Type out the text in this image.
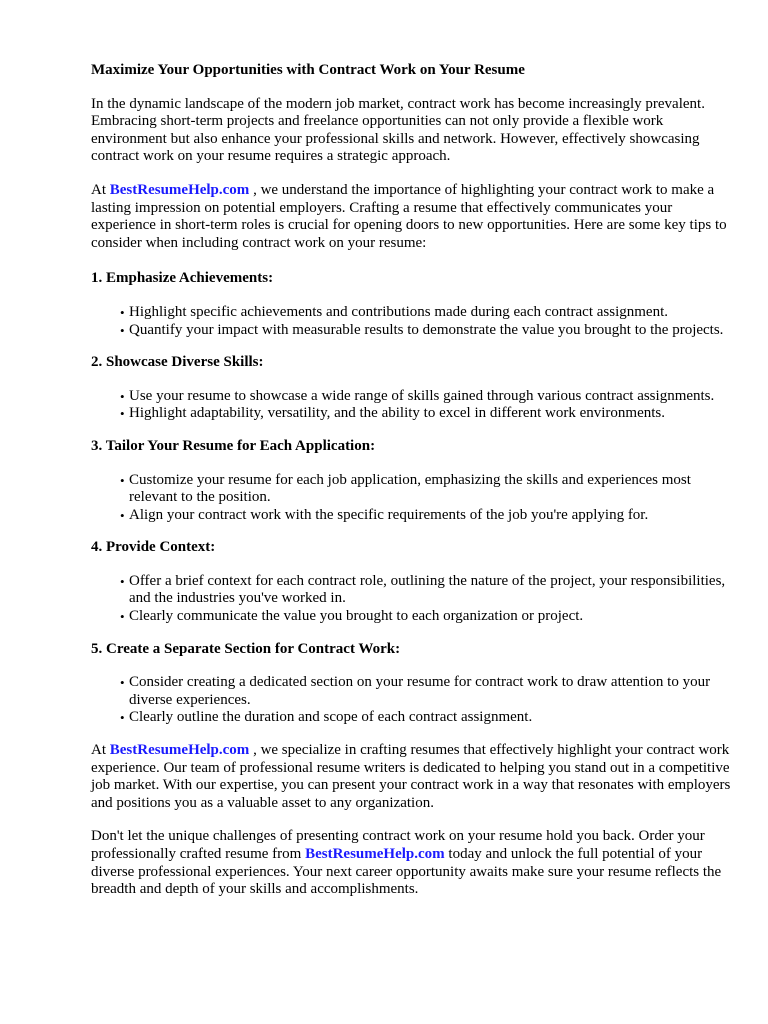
Maximize Your Opportunities with Contract Work on Your Resume

In the dynamic landscape of the modern job market, contract work has become increasingly prevalent. Embracing short-term projects and freelance opportunities can not only provide a flexible work environment but also enhance your professional skills and network. However, effectively showcasing contract work on your resume requires a strategic approach.

At BestResumeHelp.com , we understand the importance of highlighting your contract work to make a lasting impression on potential employers. Crafting a resume that effectively communicates your experience in short-term roles is crucial for opening doors to new opportunities. Here are some key tips to consider when including contract work on your resume:

1. Emphasize Achievements:

• Highlight specific achievements and contributions made during each contract assignment.
• Quantify your impact with measurable results to demonstrate the value you brought to the projects.

2. Showcase Diverse Skills:

• Use your resume to showcase a wide range of skills gained through various contract assignments.
• Highlight adaptability, versatility, and the ability to excel in different work environments.

3. Tailor Your Resume for Each Application:

• Customize your resume for each job application, emphasizing the skills and experiences most relevant to the position.
• Align your contract work with the specific requirements of the job you're applying for.

4. Provide Context:

• Offer a brief context for each contract role, outlining the nature of the project, your responsibilities, and the industries you've worked in.
• Clearly communicate the value you brought to each organization or project.

5. Create a Separate Section for Contract Work:

• Consider creating a dedicated section on your resume for contract work to draw attention to your diverse experiences.
• Clearly outline the duration and scope of each contract assignment.

At BestResumeHelp.com , we specialize in crafting resumes that effectively highlight your contract work experience. Our team of professional resume writers is dedicated to helping you stand out in a competitive job market. With our expertise, you can present your contract work in a way that resonates with employers and positions you as a valuable asset to any organization.

Don't let the unique challenges of presenting contract work on your resume hold you back. Order your professionally crafted resume from BestResumeHelp.com today and unlock the full potential of your diverse professional experiences. Your next career opportunity awaits make sure your resume reflects the breadth and depth of your skills and accomplishments.
